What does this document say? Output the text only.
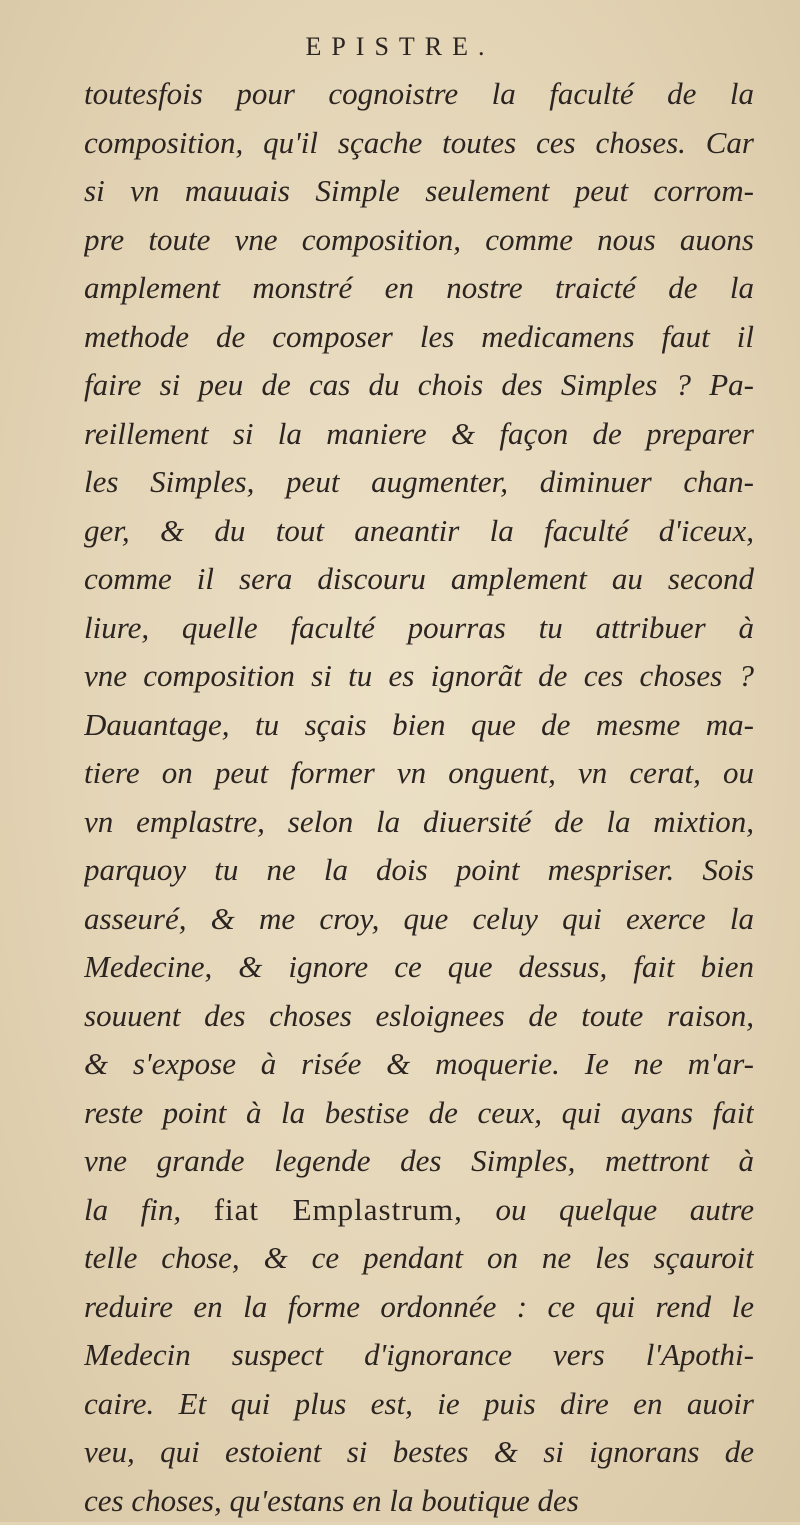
EPISTRE.
toutesfois pour cognoistre la faculté de la
composition, qu'il sçache toutes ces choses. Car
si vn mauuais Simple seulement peut corrom-
pre toute vne composition, comme nous auons
amplement monstré en nostre traicté de la
methode de composer les medicamens faut il
faire si peu de cas du chois des Simples ? Pa-
reillement si la maniere & façon de preparer
les Simples, peut augmenter, diminuer chan-
ger, & du tout aneantir la faculté d'iceux,
comme il sera discouru amplement au second
liure, quelle faculté pourras tu attribuer à
vne composition si tu es ignorãt de ces choses ?
Dauantage, tu sçais bien que de mesme ma-
tiere on peut former vn onguent, vn cerat, ou
vn emplastre, selon la diuersité de la mixtion,
parquoy tu ne la dois point mespriser. Sois
asseuré, & me croy, que celuy qui exerce la
Medecine, & ignore ce que dessus, fait bien
souuent des choses esloignees de toute raison,
& s'expose à risée & moquerie. Ie ne m'ar-
reste point à la bestise de ceux, qui ayans fait
vne grande legende des Simples, mettront à
la fin, fiat Emplastrum, ou quelque autre
telle chose, & ce pendant on ne les sçauroit
reduire en la forme ordonnée : ce qui rend le
Medecin suspect d'ignorance vers l'Apothi-
caire. Et qui plus est, ie puis dire en auoir
veu, qui estoient si bestes & si ignorans de
ces choses, qu'estans en la boutique des
